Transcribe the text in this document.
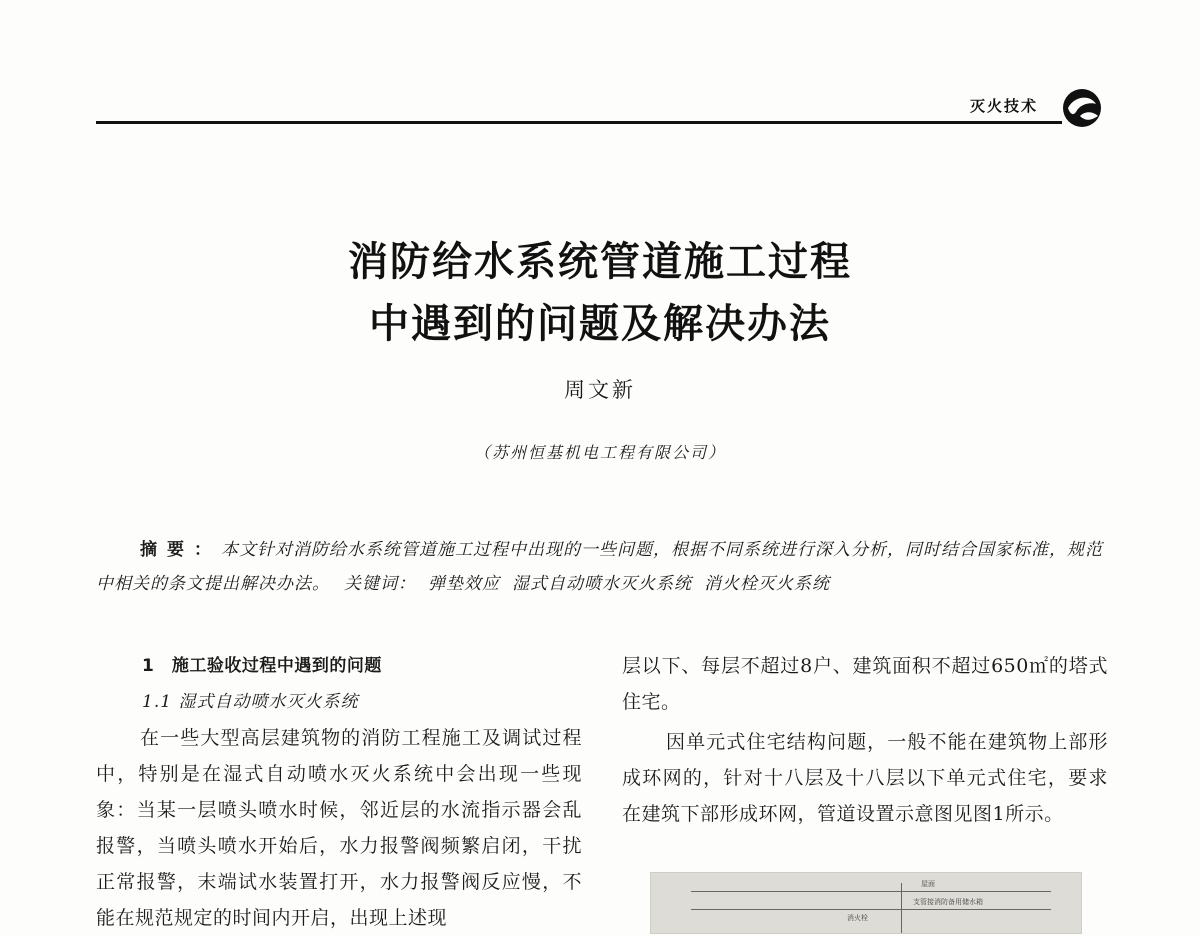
灭火技术
消防给水系统管道施工过程
中遇到的问题及解决办法
周文新
（苏州恒基机电工程有限公司）
摘要：本文针对消防给水系统管道施工过程中出现的一些问题，根据不同系统进行深入分析，同时结合国家标准，规范中相关的条文提出解决办法。 关键词： 弹垫效应 湿式自动喷水灭火系统 消火栓灭火系统
1　施工验收过程中遇到的问题
1.1 湿式自动喷水灭火系统

在一些大型高层建筑物的消防工程施工及调试过程中，特别是在湿式自动喷水灭火系统中会出现一些现象：当某一层喷头喷水时候，邻近层的水流指示器会乱报警，当喷头喷水开始后，水力报警阀频繁启闭，干扰正常报警，末端试水装置打开，水力报警阀反应慢，不能在规范规定的时间内开启，出现上述现

层以下、每层不超过8户、建筑面积不超过650㎡的塔式住宅。

因单元式住宅结构问题，一般不能在建筑物上部形成环网的，针对十八层及十八层以下单元式住宅，要求在建筑下部形成环网，管道设置示意图见图1所示。

屋面
消火栓
支管接消防备用储水箱
